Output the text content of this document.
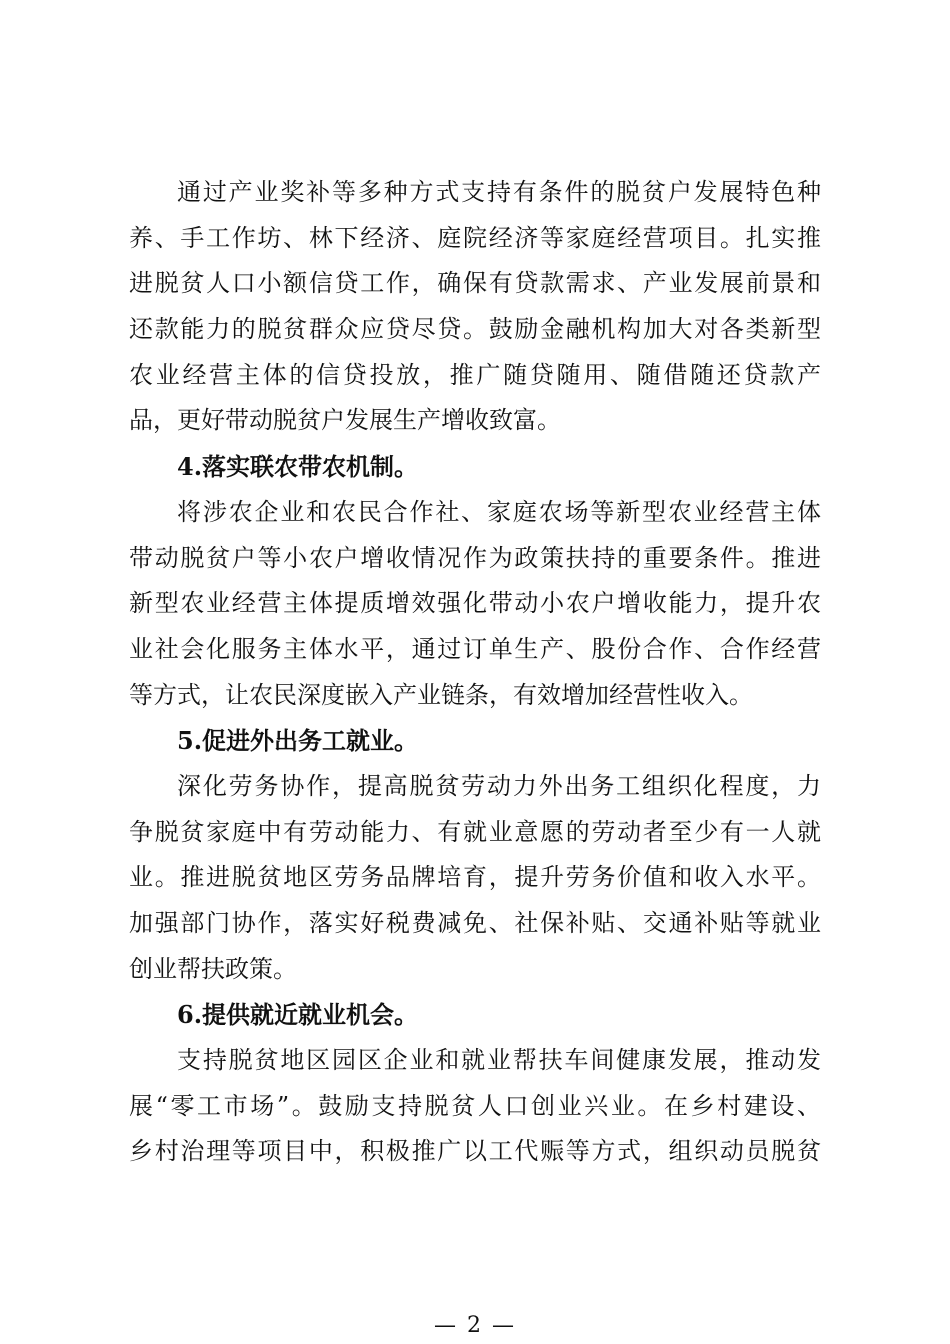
通过产业奖补等多种方式支持有条件的脱贫户发展特色种
养、手工作坊、林下经济、庭院经济等家庭经营项目。扎实推
进脱贫人口小额信贷工作，确保有贷款需求、产业发展前景和
还款能力的脱贫群众应贷尽贷。鼓励金融机构加大对各类新型
农业经营主体的信贷投放，推广随贷随用、随借随还贷款产
品，更好带动脱贫户发展生产增收致富。
4.落实联农带农机制。
将涉农企业和农民合作社、家庭农场等新型农业经营主体
带动脱贫户等小农户增收情况作为政策扶持的重要条件。推进
新型农业经营主体提质增效强化带动小农户增收能力，提升农
业社会化服务主体水平，通过订单生产、股份合作、合作经营
等方式，让农民深度嵌入产业链条，有效增加经营性收入。
5.促进外出务工就业。
深化劳务协作，提高脱贫劳动力外出务工组织化程度，力
争脱贫家庭中有劳动能力、有就业意愿的劳动者至少有一人就
业。推进脱贫地区劳务品牌培育，提升劳务价值和收入水平。
加强部门协作，落实好税费减免、社保补贴、交通补贴等就业
创业帮扶政策。
6.提供就近就业机会。
支持脱贫地区园区企业和就业帮扶车间健康发展，推动发
展“零工市场”。鼓励支持脱贫人口创业兴业。在乡村建设、
乡村治理等项目中，积极推广以工代赈等方式，组织动员脱贫
— 2 —
